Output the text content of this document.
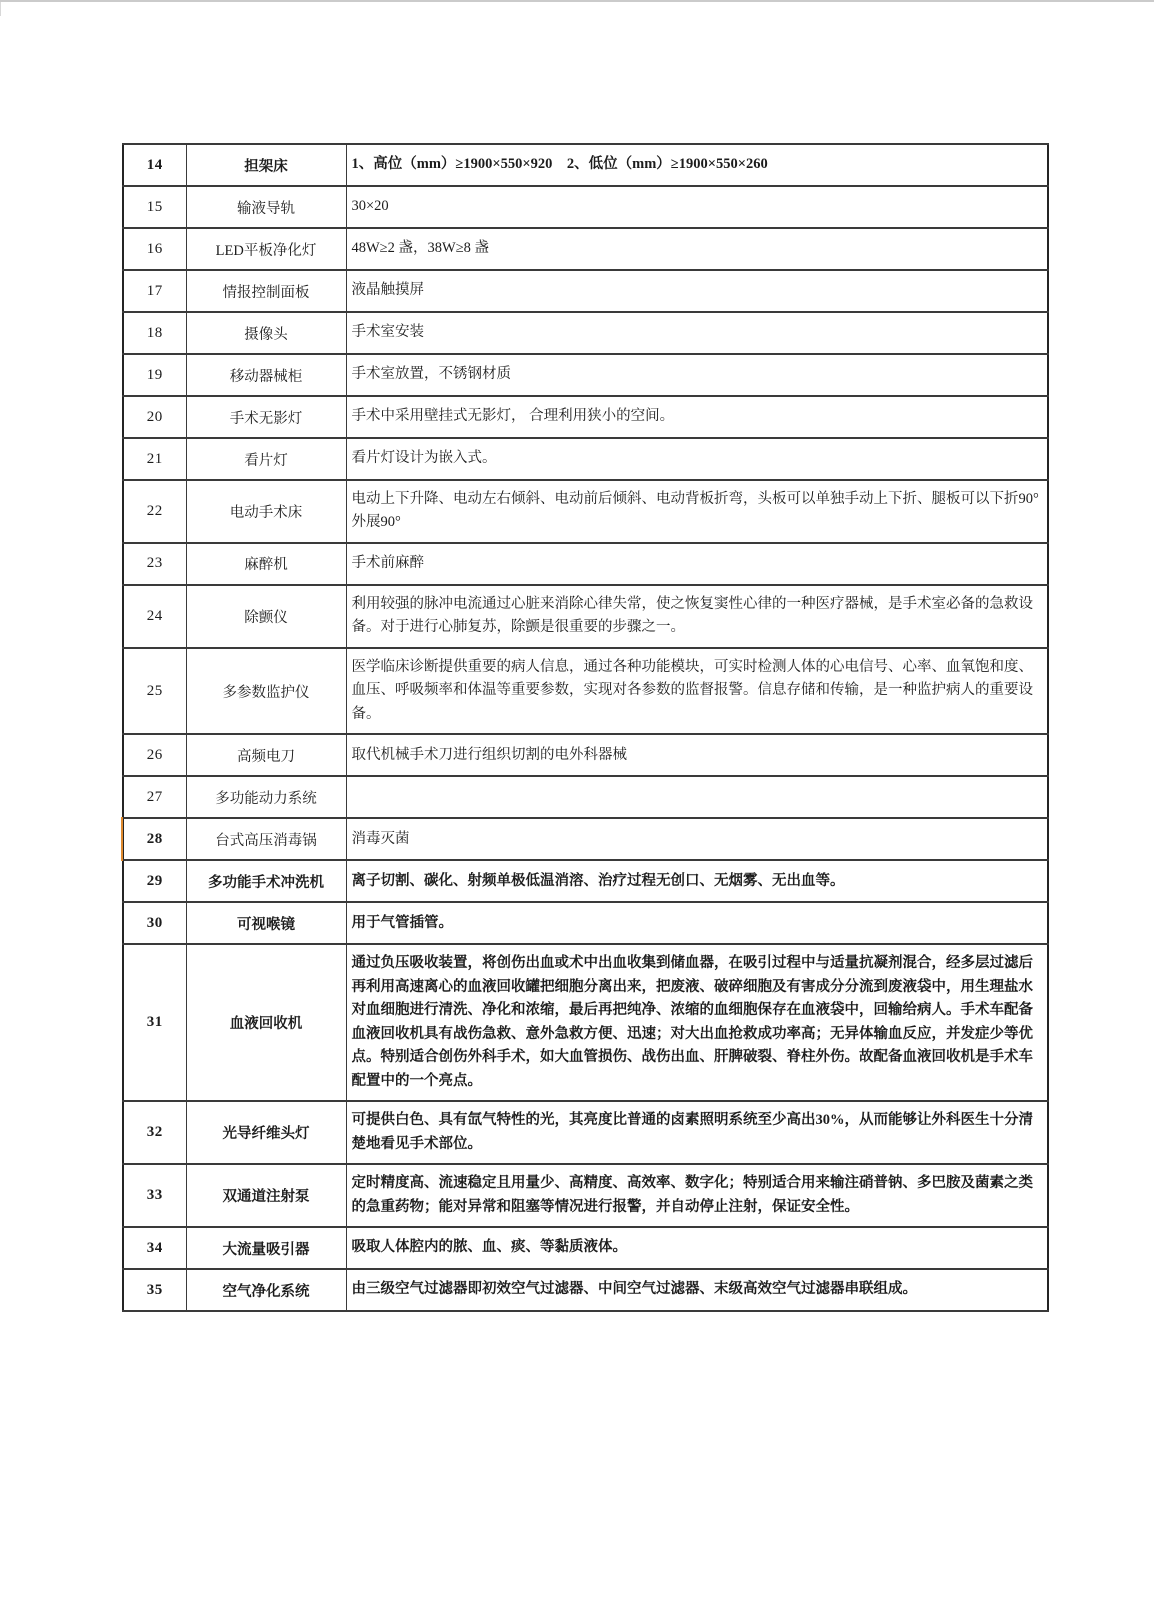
14	担架床	1、高位（mm）≥1900×550×920　2、低位（mm）≥1900×550×260
15	输液导轨	30×20
16	LED平板净化灯	48W≥2 盏，38W≥8 盏
17	情报控制面板	液晶触摸屏
18	摄像头	手术室安装
19	移动器械柜	手术室放置，不锈钢材质
20	手术无影灯	手术中采用壁挂式无影灯， 合理利用狭小的空间。
21	看片灯	看片灯设计为嵌入式。
22	电动手术床	电动上下升降、电动左右倾斜、电动前后倾斜、电动背板折弯，头板可以单独手动上下折、腿板可以下折90°外展90°
23	麻醉机	手术前麻醉
24	除颤仪	利用较强的脉冲电流通过心脏来消除心律失常，使之恢复窦性心律的一种医疗器械，是手术室必备的急救设备。对于进行心肺复苏，除颤是很重要的步骤之一。
25	多参数监护仪	医学临床诊断提供重要的病人信息，通过各种功能模块，可实时检测人体的心电信号、心率、血氧饱和度、血压、呼吸频率和体温等重要参数，实现对各参数的监督报警。信息存储和传输，是一种监护病人的重要设备。
26	高频电刀	取代机械手术刀进行组织切割的电外科器械
27	多功能动力系统	
28	台式高压消毒锅	消毒灭菌
29	多功能手术冲洗机	离子切割、碳化、射频单极低温消溶、治疗过程无创口、无烟雾、无出血等。
30	可视喉镜	用于气管插管。
31	血液回收机	通过负压吸收装置，将创伤出血或术中出血收集到储血器，在吸引过程中与适量抗凝剂混合，经多层过滤后再利用高速离心的血液回收罐把细胞分离出来，把废液、破碎细胞及有害成分分流到废液袋中，用生理盐水对血细胞进行清洗、净化和浓缩，最后再把纯净、浓缩的血细胞保存在血液袋中，回输给病人。手术车配备血液回收机具有战伤急救、意外急救方便、迅速；对大出血抢救成功率高；无异体输血反应，并发症少等优点。特别适合创伤外科手术，如大血管损伤、战伤出血、肝脾破裂、脊柱外伤。故配备血液回收机是手术车配置中的一个亮点。
32	光导纤维头灯	可提供白色、具有氙气特性的光，其亮度比普通的卤素照明系统至少高出30%，从而能够让外科医生十分清楚地看见手术部位。
33	双通道注射泵	定时精度高、流速稳定且用量少、高精度、高效率、数字化；特别适合用来输注硝普钠、多巴胺及菌素之类的急重药物；能对异常和阻塞等情况进行报警，并自动停止注射，保证安全性。
34	大流量吸引器	吸取人体腔内的脓、血、痰、等黏质液体。
35	空气净化系统	由三级空气过滤器即初效空气过滤器、中间空气过滤器、末级高效空气过滤器串联组成。
